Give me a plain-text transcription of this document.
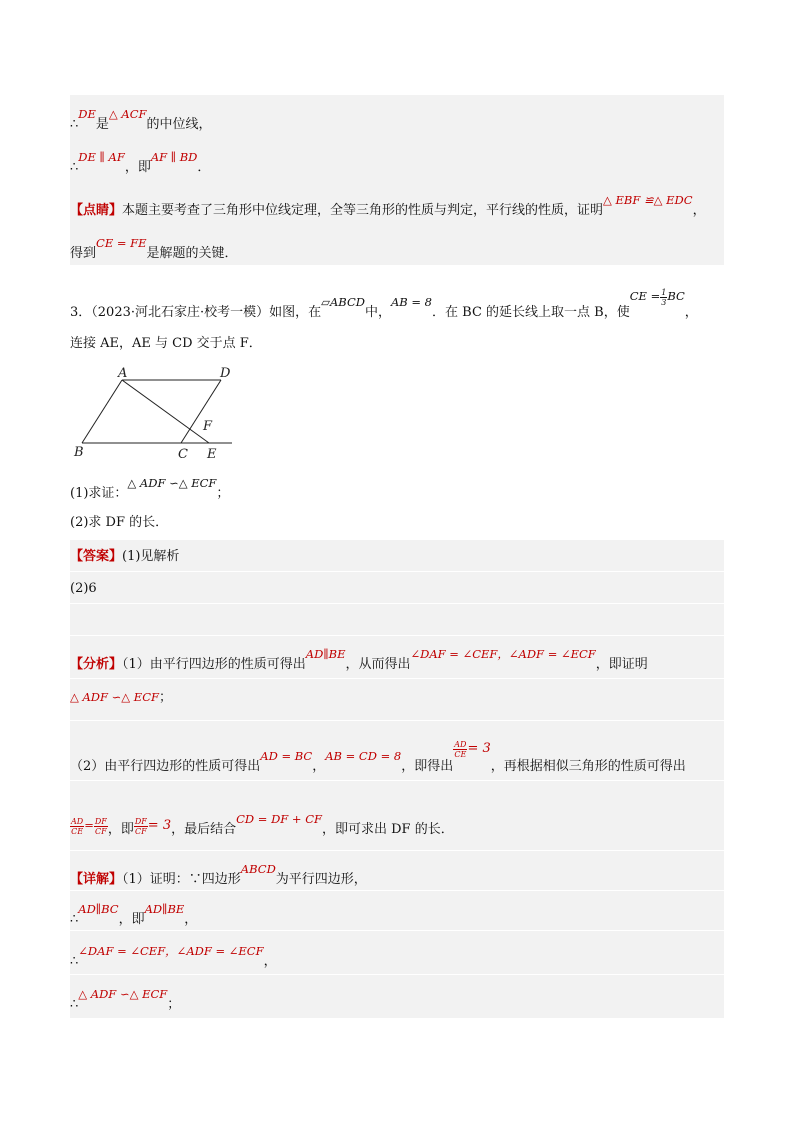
∴DE是△ ACF的中位线，
∴DE ∥ AF，即AF ∥ BD．
【点睛】本题主要考查了三角形中位线定理，全等三角形的性质与判定，平行线的性质，证明△ EBF ≌△ EDC，
得到CE = FE是解题的关键．
3．（2023·河北石家庄·校考一模）如图，在▱ABCD中，AB = 8．在 BC 的延长线上取一点 B，使CE = $\frac{1}{3}$ BC，
连接 AE，AE 与 CD 交于点 F．
A	D
B	C E
F
(1)求证：△ ADF ∽△ ECF；
(2)求 DF 的长．
【答案】(1)见解析
(2)6
【分析】（1）由平行四边形的性质可得出AD∥BE，从而得出∠DAF = ∠CEF，∠ADF = ∠ECF，即证明
△ ADF ∽△ ECF；
（2）由平行四边形的性质可得出AD = BC，AB = CD = 8，即得出
$\frac{AD}{CE} = 3$，再根据相似三角形的性质可得出
$\frac{AD}{CE} = \frac{DF}{CF}$ ，即 $\frac{DF}{CF} = 3$，最后结合CD = DF + CF，即可求出 DF 的长．
【详解】（1）证明：∵四边形ABCD为平行四边形，
∴AD∥BC，即AD∥BE，
∴∠DAF = ∠CEF，∠ADF = ∠ECF，
∴△ ADF ∽△ ECF；
